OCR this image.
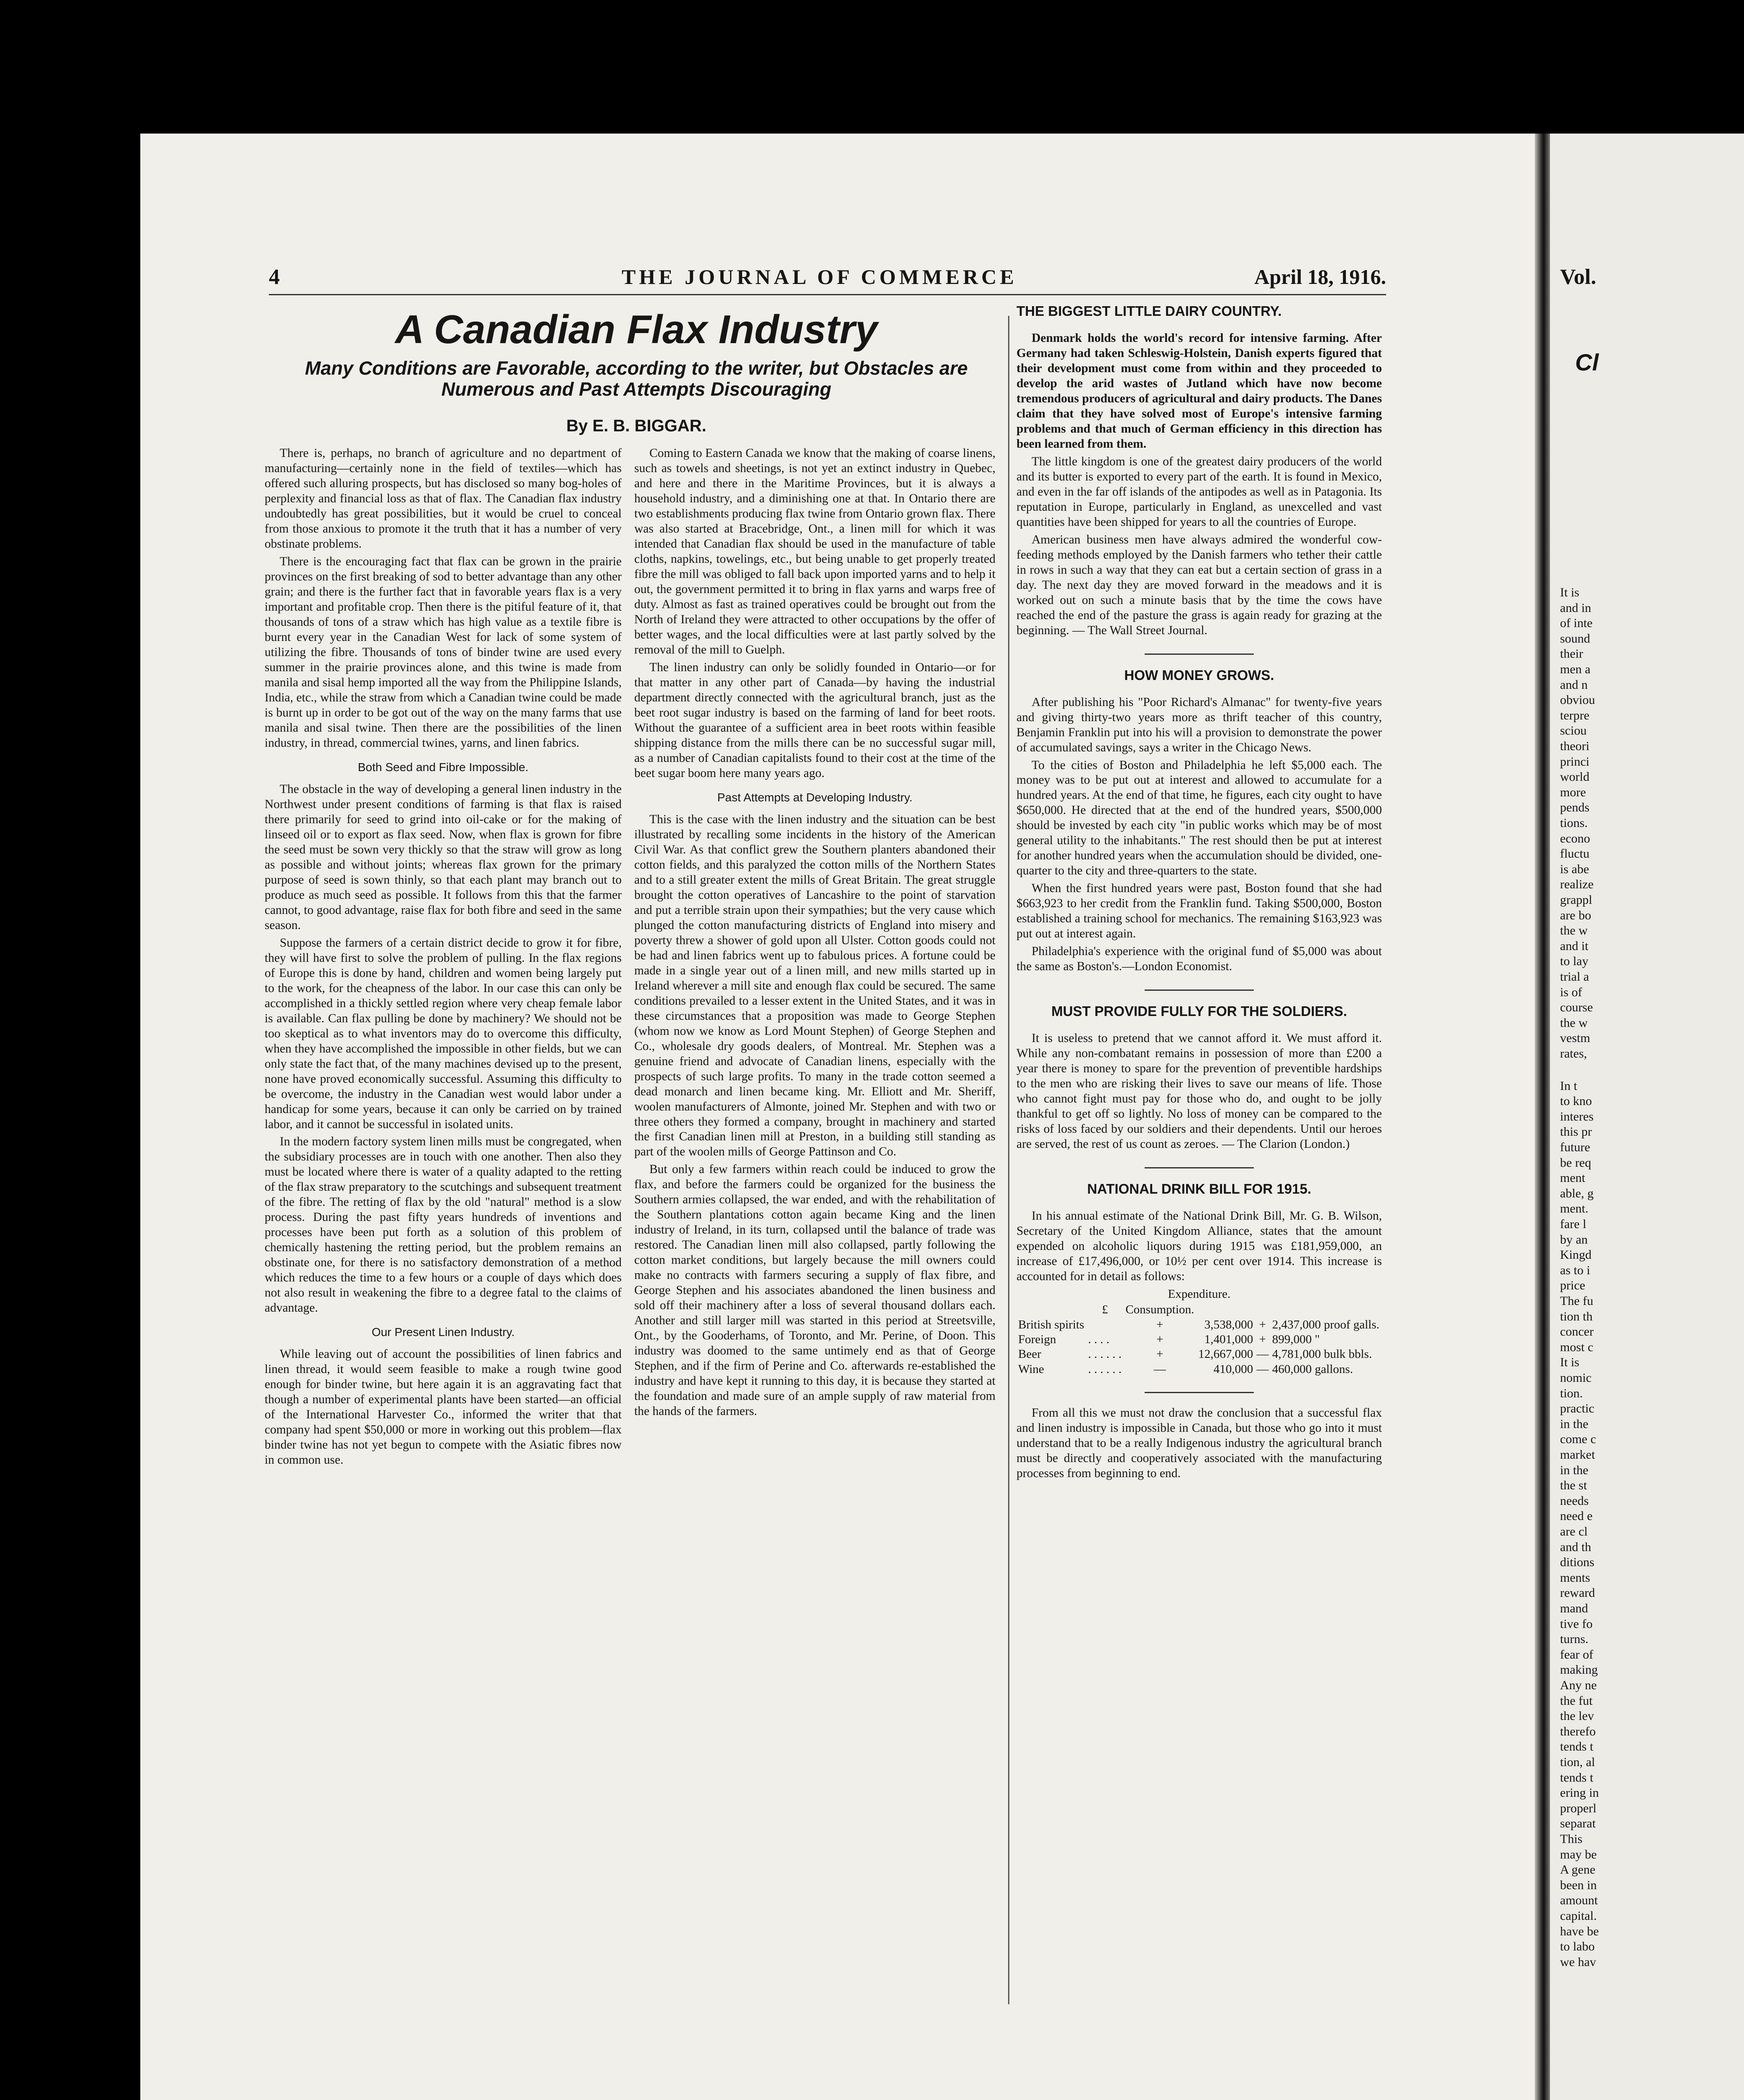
Vol.
Cl
It is
and in
of inte
sound
their
men a
and n
obviou
terpre
sciou
theori
princi
world
more
pends
tions.
econo
fluctu
is abe
realize
grappl
are bo
the w
and it
to lay
trial a
is of
course
the w
vestm
rates,
In t
to kno
interes
this pr
future
be req
ment
able, g
ment.
fare l
by an
Kingd
as to i
price
The fu
tion th
concer
most c
It is
nomic
tion.
practic
in the
come c
market
in the
the st
needs
need e
are cl
and th
ditions
ments
reward
mand
tive fo
turns.
fear of
making
Any ne
the fut
the lev
therefo
tends t
tion, al
tends t
ering in
properl
separat
This
may be
A gene
been in
amount
capital.
have be
to labo
we hav
4	THE JOURNAL OF COMMERCE	April 18, 1916.
A Canadian Flax Industry
Many Conditions are Favorable, according to the writer, but Obstacles are Numerous and Past Attempts Discouraging
By E. B. BIGGAR.

There is, perhaps, no branch of agriculture and no department of manufacturing—certainly none in the field of textiles—which has offered such alluring prospects, but has disclosed so many bog-holes of perplexity and financial loss as that of flax. The Canadian flax industry undoubtedly has great possibilities, but it would be cruel to conceal from those anxious to promote it the truth that it has a number of very obstinate problems.

There is the encouraging fact that flax can be grown in the prairie provinces on the first breaking of sod to better advantage than any other grain; and there is the further fact that in favorable years flax is a very important and profitable crop. Then there is the pitiful feature of it, that thousands of tons of a straw which has high value as a textile fibre is burnt every year in the Canadian West for lack of some system of utilizing the fibre. Thousands of tons of binder twine are used every summer in the prairie provinces alone, and this twine is made from manila and sisal hemp imported all the way from the Philippine Islands, India, etc., while the straw from which a Canadian twine could be made is burnt up in order to be got out of the way on the many farms that use manila and sisal twine. Then there are the possibilities of the linen industry, in thread, commercial twines, yarns, and linen fabrics.

Both Seed and Fibre Impossible.

The obstacle in the way of developing a general linen industry in the Northwest under present conditions of farming is that flax is raised there primarily for seed to grind into oil-cake or for the making of linseed oil or to export as flax seed. Now, when flax is grown for fibre the seed must be sown very thickly so that the straw will grow as long as possible and without joints; whereas flax grown for the primary purpose of seed is sown thinly, so that each plant may branch out to produce as much seed as possible. It follows from this that the farmer cannot, to good advantage, raise flax for both fibre and seed in the same season.

Suppose the farmers of a certain district decide to grow it for fibre, they will have first to solve the problem of pulling. In the flax regions of Europe this is done by hand, children and women being largely put to the work, for the cheapness of the labor. In our case this can only be accomplished in a thickly settled region where very cheap female labor is available. Can flax pulling be done by machinery? We should not be too skeptical as to what inventors may do to overcome this difficulty, when they have accomplished the impossible in other fields, but we can only state the fact that, of the many machines devised up to the present, none have proved economically successful. Assuming this difficulty to be overcome, the industry in the Canadian west would labor under a handicap for some years, because it can only be carried on by trained labor, and it cannot be successful in isolated units.

In the modern factory system linen mills must be congregated, when the subsidiary processes are in touch with one another. Then also they must be located where there is water of a quality adapted to the retting of the flax straw preparatory to the scutchings and subsequent treatment of the fibre. The retting of flax by the old "natural" method is a slow process. During the past fifty years hundreds of inventions and processes have been put forth as a solution of this problem of chemically hastening the retting period, but the problem remains an obstinate one, for there is no satisfactory demonstration of a method which reduces the time to a few hours or a couple of days which does not also result in weakening the fibre to a degree fatal to the claims of advantage.

Our Present Linen Industry.

While leaving out of account the possibilities of linen fabrics and linen thread, it would seem feasible to make a rough twine good enough for binder twine, but here again it is an aggravating fact that though a number of experimental plants have been started—an official of the International Harvester Co., informed the writer that that company had spent $50,000 or more in working out this problem—flax binder twine has not yet begun to compete with the Asiatic fibres now in common use.

Coming to Eastern Canada we know that the making of coarse linens, such as towels and sheetings, is not yet an extinct industry in Quebec, and here and there in the Maritime Provinces, but it is always a household industry, and a diminishing one at that. In Ontario there are two establishments producing flax twine from Ontario grown flax. There was also started at Bracebridge, Ont., a linen mill for which it was intended that Canadian flax should be used in the manufacture of table cloths, napkins, towelings, etc., but being unable to get properly treated fibre the mill was obliged to fall back upon imported yarns and to help it out, the government permitted it to bring in flax yarns and warps free of duty. Almost as fast as trained operatives could be brought out from the North of Ireland they were attracted to other occupations by the offer of better wages, and the local difficulties were at last partly solved by the removal of the mill to Guelph.

The linen industry can only be solidly founded in Ontario—or for that matter in any other part of Canada—by having the industrial department directly connected with the agricultural branch, just as the beet root sugar industry is based on the farming of land for beet roots. Without the guarantee of a sufficient area in beet roots within feasible shipping distance from the mills there can be no successful sugar mill, as a number of Canadian capitalists found to their cost at the time of the beet sugar boom here many years ago.

Past Attempts at Developing Industry.

This is the case with the linen industry and the situation can be best illustrated by recalling some incidents in the history of the American Civil War. As that conflict grew the Southern planters abandoned their cotton fields, and this paralyzed the cotton mills of the Northern States and to a still greater extent the mills of Great Britain. The great struggle brought the cotton operatives of Lancashire to the point of starvation and put a terrible strain upon their sympathies; but the very cause which plunged the cotton manufacturing districts of England into misery and poverty threw a shower of gold upon all Ulster. Cotton goods could not be had and linen fabrics went up to fabulous prices. A fortune could be made in a single year out of a linen mill, and new mills started up in Ireland wherever a mill site and enough flax could be secured. The same conditions prevailed to a lesser extent in the United States, and it was in these circumstances that a proposition was made to George Stephen (whom now we know as Lord Mount Stephen) of George Stephen and Co., wholesale dry goods dealers, of Montreal. Mr. Stephen was a genuine friend and advocate of Canadian linens, especially with the prospects of such large profits. To many in the trade cotton seemed a dead monarch and linen became king. Mr. Elliott and Mr. Sheriff, woolen manufacturers of Almonte, joined Mr. Stephen and with two or three others they formed a company, brought in machinery and started the first Canadian linen mill at Preston, in a building still standing as part of the woolen mills of George Pattinson and Co.

But only a few farmers within reach could be induced to grow the flax, and before the farmers could be organized for the business the Southern armies collapsed, the war ended, and with the rehabilitation of the Southern plantations cotton again became King and the linen industry of Ireland, in its turn, collapsed until the balance of trade was restored. The Canadian linen mill also collapsed, partly following the cotton market conditions, but largely because the mill owners could make no contracts with farmers securing a supply of flax fibre, and George Stephen and his associates abandoned the linen business and sold off their machinery after a loss of several thousand dollars each. Another and still larger mill was started in this period at Streetsville, Ont., by the Gooderhams, of Toronto, and Mr. Perine, of Doon. This industry was doomed to the same untimely end as that of George Stephen, and if the firm of Perine and Co. afterwards re-established the industry and have kept it running to this day, it is because they started at the foundation and made sure of an ample supply of raw material from the hands of the farmers.

THE BIGGEST LITTLE DAIRY COUNTRY.

Denmark holds the world's record for intensive farming. After Germany had taken Schleswig-Holstein, Danish experts figured that their development must come from within and they proceeded to develop the arid wastes of Jutland which have now become tremendous producers of agricultural and dairy products. The Danes claim that they have solved most of Europe's intensive farming problems and that much of German efficiency in this direction has been learned from them.

The little kingdom is one of the greatest dairy producers of the world and its butter is exported to every part of the earth. It is found in Mexico, and even in the far off islands of the antipodes as well as in Patagonia. Its reputation in Europe, particularly in England, as unexcelled and vast quantities have been shipped for years to all the countries of Europe.

American business men have always admired the wonderful cow-feeding methods employed by the Danish farmers who tether their cattle in rows in such a way that they can eat but a certain section of grass in a day. The next day they are moved forward in the meadows and it is worked out on such a minute basis that by the time the cows have reached the end of the pasture the grass is again ready for grazing at the beginning. — The Wall Street Journal.

HOW MONEY GROWS.

After publishing his "Poor Richard's Almanac" for twenty-five years and giving thirty-two years more as thrift teacher of this country, Benjamin Franklin put into his will a provision to demonstrate the power of accumulated savings, says a writer in the Chicago News.

To the cities of Boston and Philadelphia he left $5,000 each. The money was to be put out at interest and allowed to accumulate for a hundred years. At the end of that time, he figures, each city ought to have $650,000. He directed that at the end of the hundred years, $500,000 should be invested by each city "in public works which may be of most general utility to the inhabitants." The rest should then be put at interest for another hundred years when the accumulation should be divided, one-quarter to the city and three-quarters to the state.

When the first hundred years were past, Boston found that she had $663,923 to her credit from the Franklin fund. Taking $500,000, Boston established a training school for mechanics. The remaining $163,923 was put out at interest again.

Philadelphia's experience with the original fund of $5,000 was about the same as Boston's.—London Economist.

MUST PROVIDE FULLY FOR THE SOLDIERS.

It is useless to pretend that we cannot afford it. We must afford it. While any non-combatant remains in possession of more than £200 a year there is money to spare for the prevention of preventible hardships to the men who are risking their lives to save our means of life. Those who cannot fight must pay for those who do, and ought to be jolly thankful to get off so lightly. No loss of money can be compared to the risks of loss faced by our soldiers and their dependents. Until our heroes are served, the rest of us count as zeroes. — The Clarion (London.)

NATIONAL DRINK BILL FOR 1915.

In his annual estimate of the National Drink Bill, Mr. G. B. Wilson, Secretary of the United Kingdom Alliance, states that the amount expended on alcoholic liquors during 1915 was £181,959,000, an increase of £17,496,000, or 10½ per cent over 1914. This increase is accounted for in detail as follows:

Expenditure.
	£	Consumption.			
British spirits		+	3,538,000	+	2,437,000 proof galls.
Foreign	. . . .	+	1,401,000	+	899,000 "
Beer	. . . . . .	+	12,667,000	—	4,781,000 bulk bbls.
Wine	. . . . . .	—	410,000	—	460,000 gallons.

From all this we must not draw the conclusion that a successful flax and linen industry is impossible in Canada, but those who go into it must understand that to be a really Indigenous industry the agricultural branch must be directly and cooperatively associated with the manufacturing processes from beginning to end.
